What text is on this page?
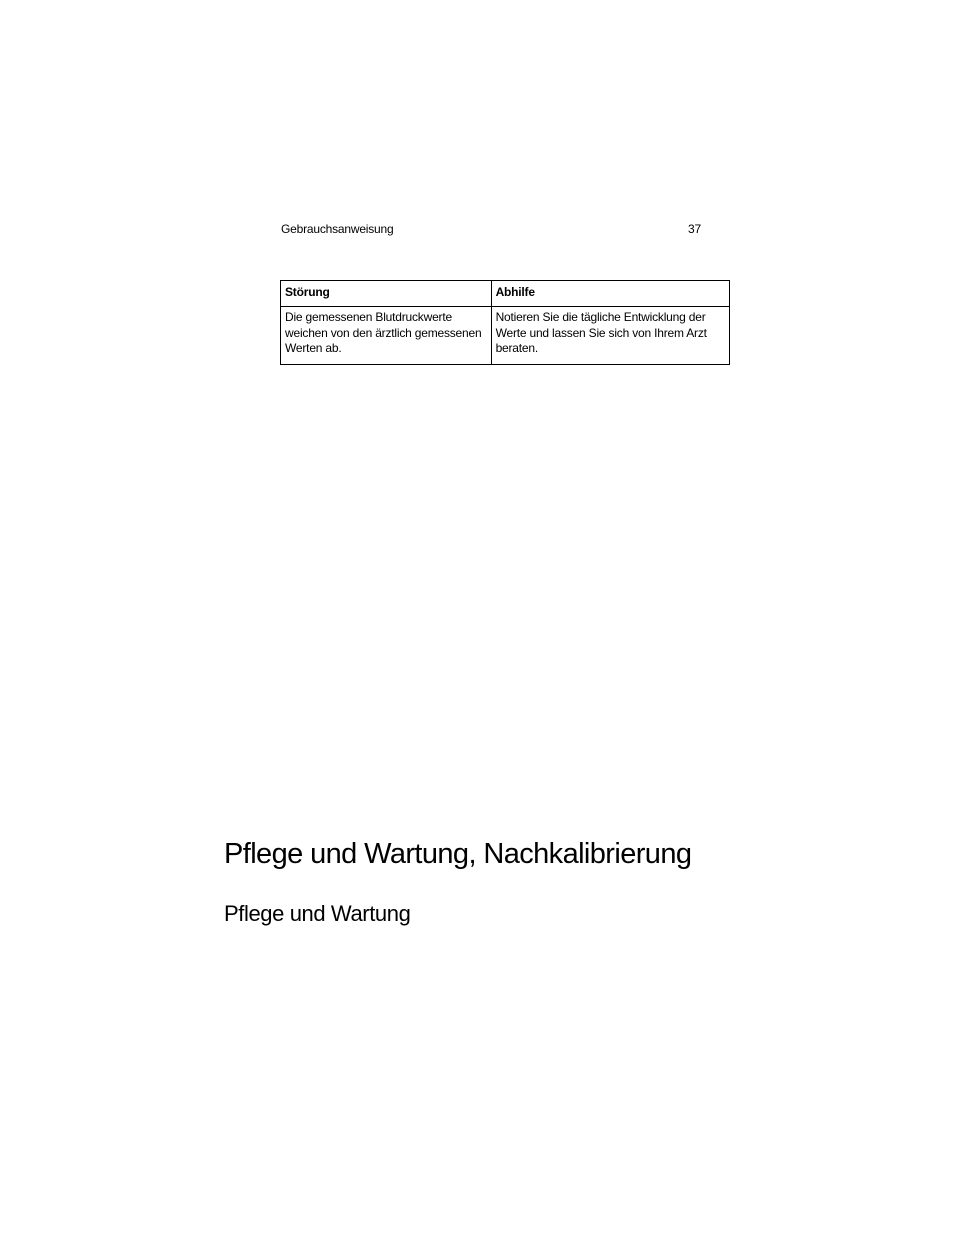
Gebrauchsanweisung	37
Störung	Abhilfe
Die gemessenen Blutdruckwerte weichen von den ärztlich gemessenen Werten ab.	Notieren Sie die tägliche Entwicklung der Werte und lassen Sie sich von Ihrem Arzt beraten.
Pflege und Wartung, Nachkalibrierung
Pflege und Wartung
